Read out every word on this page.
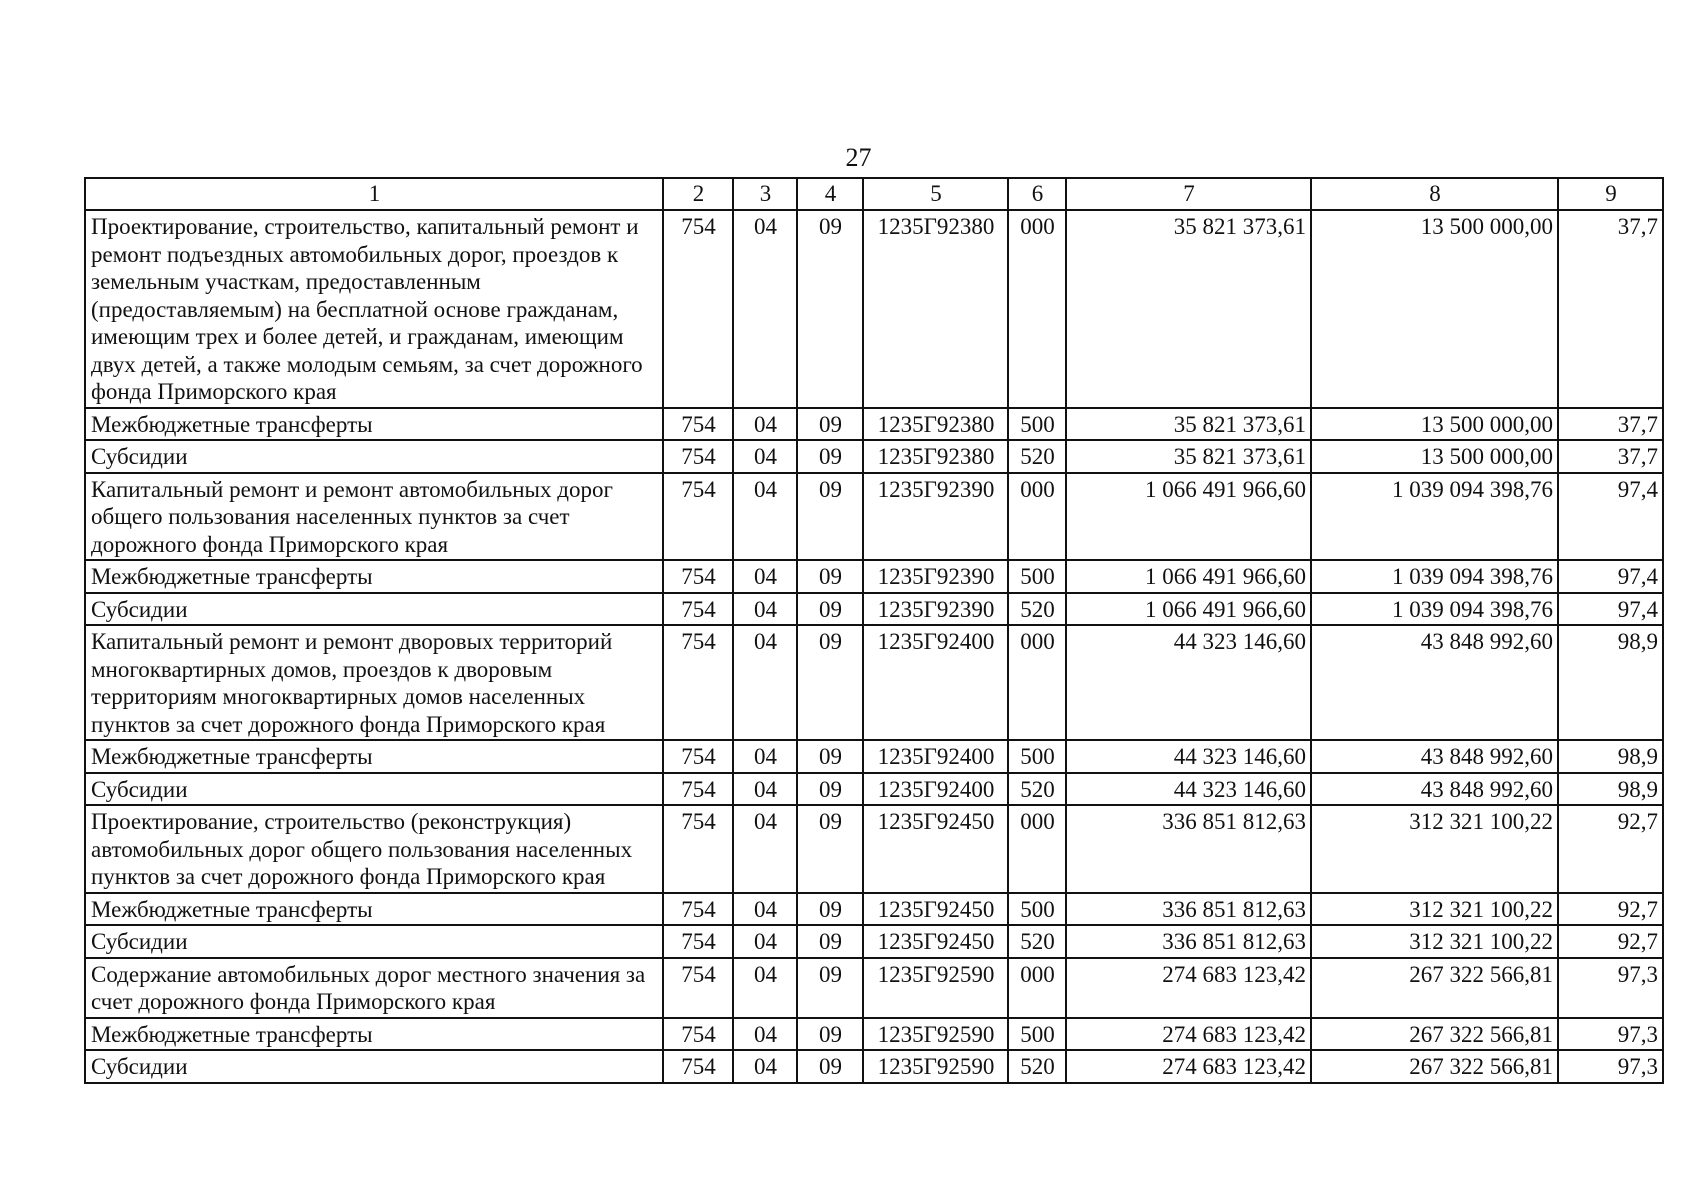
27
1	2	3	4	5	6	7	8	9
Проектирование, строительство, капитальный ремонт и ремонт подъездных автомобильных дорог, проездов к земельным участкам, предоставленным (предоставляемым) на бесплатной основе гражданам, имеющим трех и более детей, и гражданам, имеющим двух детей, а также молодым семьям, за счет дорожного фонда Приморского края	754	04	09	1235Г92380	000	35 821 373,61	13 500 000,00	37,7
Межбюджетные трансферты	754	04	09	1235Г92380	500	35 821 373,61	13 500 000,00	37,7
Субсидии	754	04	09	1235Г92380	520	35 821 373,61	13 500 000,00	37,7
Капитальный ремонт и ремонт автомобильных дорог общего пользования населенных пунктов за счет дорожного фонда Приморского края	754	04	09	1235Г92390	000	1 066 491 966,60	1 039 094 398,76	97,4
Межбюджетные трансферты	754	04	09	1235Г92390	500	1 066 491 966,60	1 039 094 398,76	97,4
Субсидии	754	04	09	1235Г92390	520	1 066 491 966,60	1 039 094 398,76	97,4
Капитальный ремонт и ремонт дворовых территорий многоквартирных домов, проездов к дворовым территориям многоквартирных домов населенных пунктов за счет дорожного фонда Приморского края	754	04	09	1235Г92400	000	44 323 146,60	43 848 992,60	98,9
Межбюджетные трансферты	754	04	09	1235Г92400	500	44 323 146,60	43 848 992,60	98,9
Субсидии	754	04	09	1235Г92400	520	44 323 146,60	43 848 992,60	98,9
Проектирование, строительство (реконструкция) автомобильных дорог общего пользования населенных пунктов за счет дорожного фонда Приморского края	754	04	09	1235Г92450	000	336 851 812,63	312 321 100,22	92,7
Межбюджетные трансферты	754	04	09	1235Г92450	500	336 851 812,63	312 321 100,22	92,7
Субсидии	754	04	09	1235Г92450	520	336 851 812,63	312 321 100,22	92,7
Содержание автомобильных дорог местного значения за счет дорожного фонда Приморского края	754	04	09	1235Г92590	000	274 683 123,42	267 322 566,81	97,3
Межбюджетные трансферты	754	04	09	1235Г92590	500	274 683 123,42	267 322 566,81	97,3
Субсидии	754	04	09	1235Г92590	520	274 683 123,42	267 322 566,81	97,3
